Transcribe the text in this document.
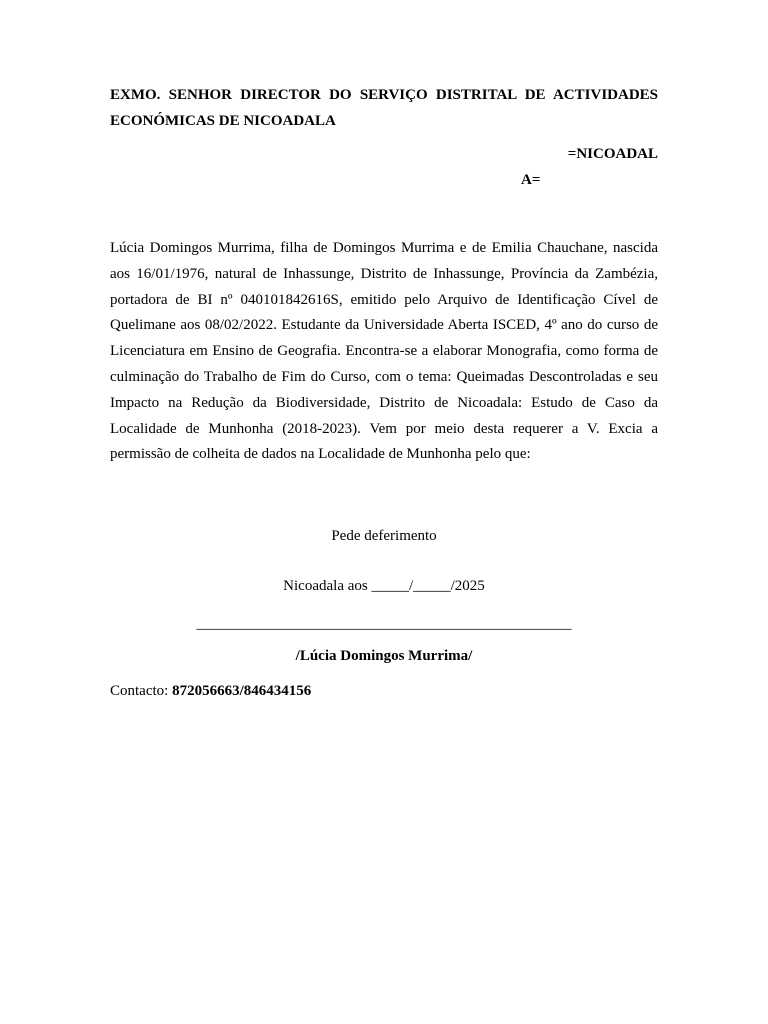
EXMO. SENHOR DIRECTOR DO SERVIÇO DISTRITAL DE ACTIVIDADES
ECONÓMICAS DE NICOADALA

=NICOADAL

A=

Lúcia Domingos Murrima, filha de Domingos Murrima e de Emilia Chauchane, nascida aos 16/01/1976, natural de Inhassunge, Distrito de Inhassunge, Província da Zambézia, portadora de BI nº 040101842616S, emitido pelo Arquivo de Identificação Cível de Quelimane aos 08/02/2022. Estudante da Universidade Aberta ISCED, 4º ano do curso de Licenciatura em Ensino de Geografia. Encontra-se a elaborar Monografia, como forma de culminação do Trabalho de Fim do Curso, com o tema: Queimadas Descontroladas e seu Impacto na Redução da Biodiversidade, Distrito de Nicoadala: Estudo de Caso da Localidade de Munhonha (2018-2023). Vem por meio desta requerer a V. Excia a permissão de colheita de dados na Localidade de Munhonha pelo que:

Pede deferimento

Nicoadala aos _____/_____/2025

__________________________________________________

/Lúcia Domingos Murrima/

Contacto: 872056663/846434156
